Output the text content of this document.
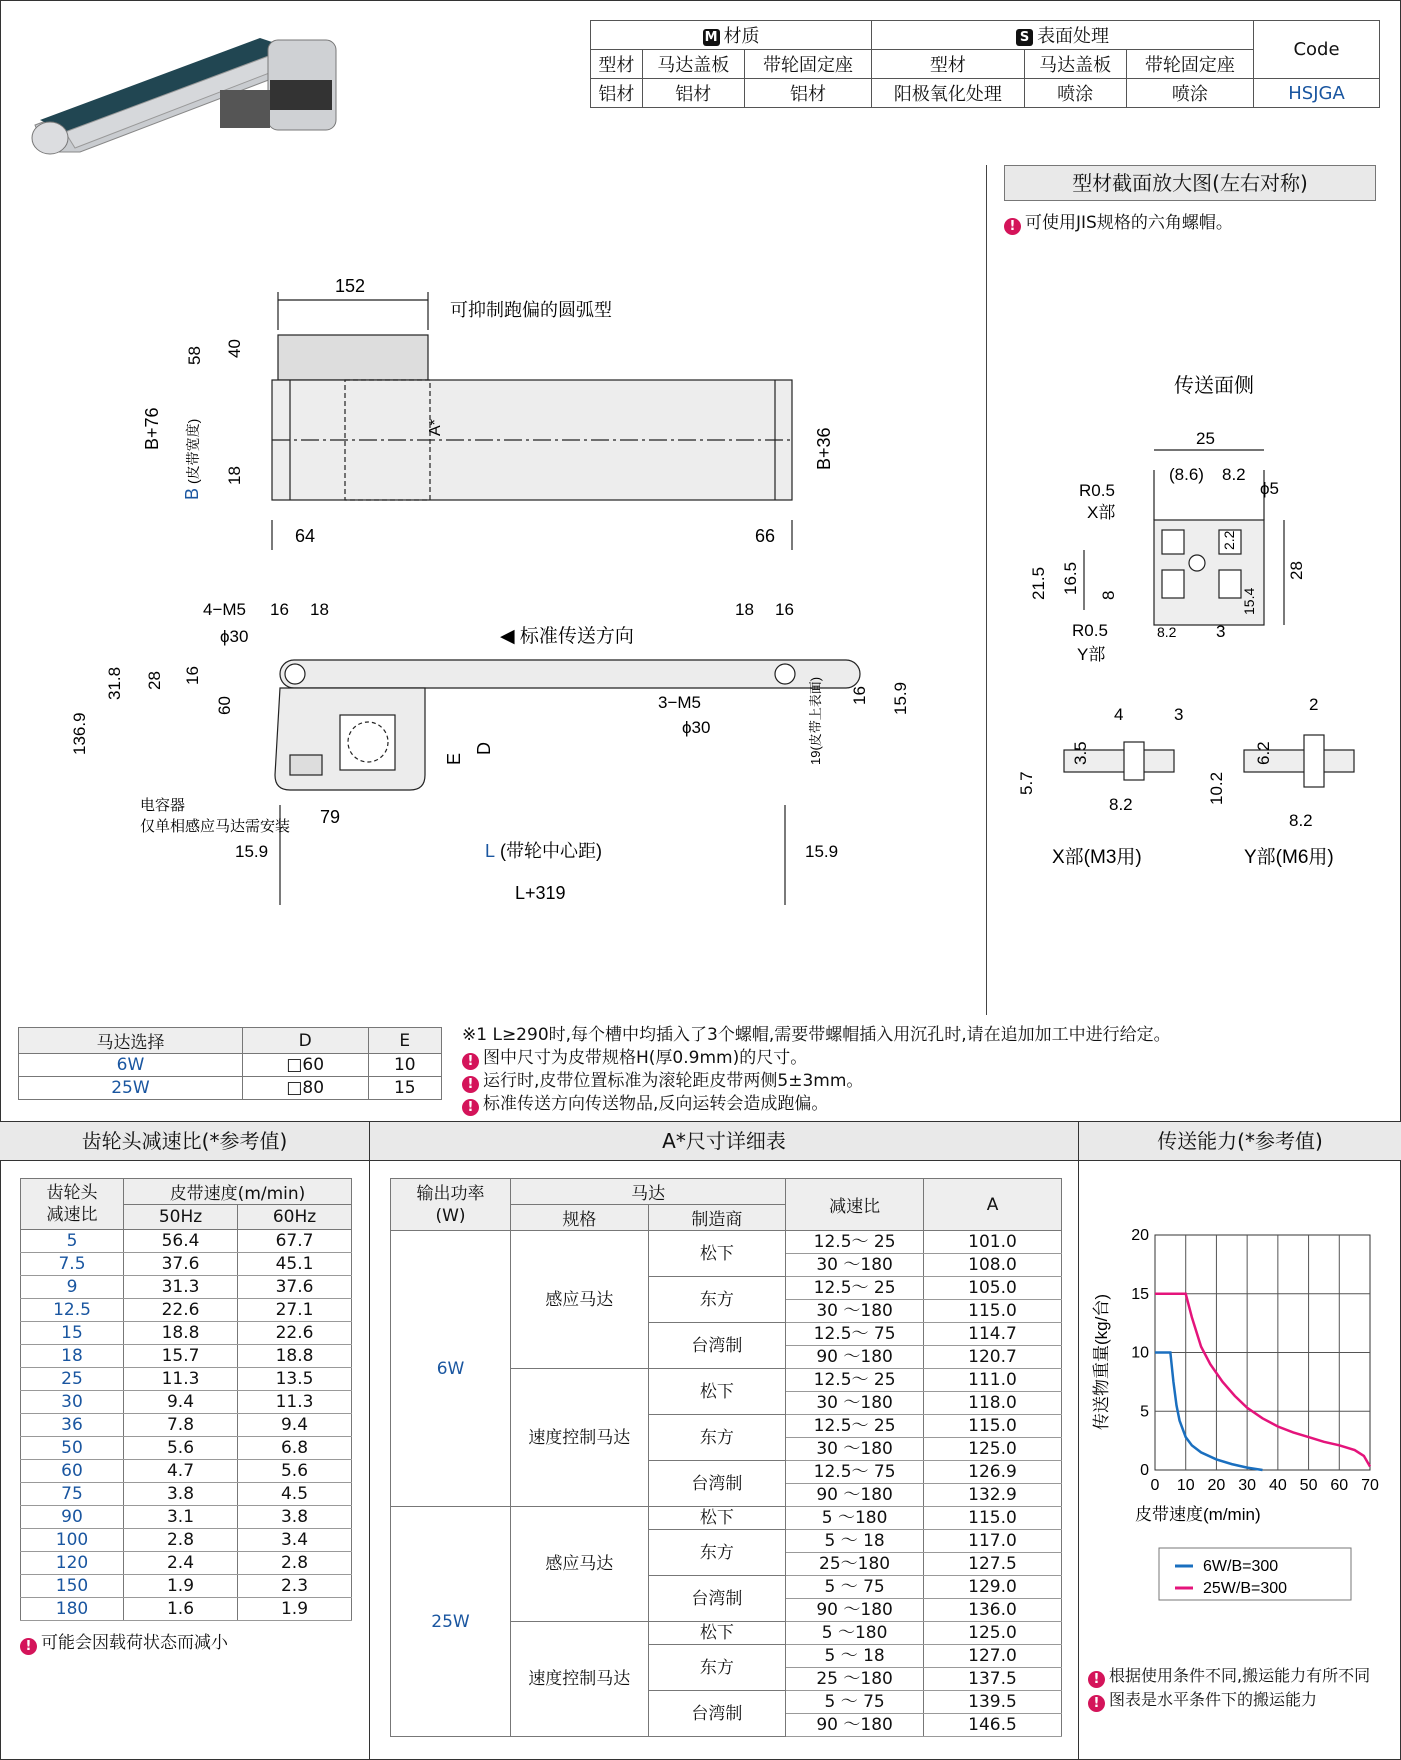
M 材质			S 表面处理			Code
型材	马达盖板	带轮固定座	型材	马达盖板	带轮固定座	
铝材	铝材	铝材	阳极氧化处理	喷涂	喷涂	HSJGA
型材截面放大图(左右对称)
! 可使用JIS规格的六角螺帽。
传送面侧
25
(8.6) 8.2
ϕ5
R0.5
X部
2.2
28
21.5 16.5
8	15.4
R0.5
Y部
8.2 3
4	3
3.5
5.7
8.2
X部(M3用)
2
6.2
10.2
8.2
Y部(M6用)
152
可抑制跑偏的圆弧型
58 40
B+76
B
(皮带宽度) 18
A*	B+36
64	66
4−M5 16 18	18 16
◀ 标准传送方向
ϕ30
31.8 28 16
136.9
60	3−M5
ϕ30	19(皮带上表面) 16 15.9
D
E
电容器
仅单相感应马达需安装 79
15.9	L (带轮中心距)	15.9
L+319
马达选择	D	E
6W	□60	10
25W	□80	15
※1 L≥290时,每个槽中均插入了3个螺帽,需要带螺帽插入用沉孔时,请在追加加工中进行给定。
! 图中尺寸为皮带规格H(厚0.9mm)的尺寸。
! 运行时,皮带位置标准为滚轮距皮带两侧5±3mm。
! 标准传送方向传送物品,反向运转会造成跑偏。
齿轮头减速比(*参考值)	A*尺寸详细表	传送能力(*参考值)
齿轮头
减速比	皮带速度(m/min)	
	50Hz	60Hz
5	56.4	67.7
7.5	37.6	45.1
9	31.3	37.6
12.5	22.6	27.1
15	18.8	22.6
18	15.7	18.8
25	11.3	13.5
30	9.4	11.3
36	7.8	9.4
50	5.6	6.8
60	4.7	5.6
75	3.8	4.5
90	3.1	3.8
100	2.8	3.4
120	2.4	2.8
150	1.9	2.3
180	1.6	1.9
! 可能会因载荷状态而减小
输出功率
(W)	马达		减速比	A
	规格	制造商		
6W	感应马达	松下	12.5～ 25	101.0
			30 ～180	108.0
		东方	12.5～ 25	105.0
			30 ～180	115.0
		台湾制	12.5～ 75	114.7
			90 ～180	120.7
	速度控制马达	松下	12.5～ 25	111.0
			30 ～180	118.0
		东方	12.5～ 25	115.0
			30 ～180	125.0
		台湾制	12.5～ 75	126.9
			90 ～180	132.9
25W	感应马达	松下	5 ～180	115.0
		东方	5 ～ 18	117.0
			25～180	127.5
		台湾制	5 ～ 75	129.0
			90 ～180	136.0
	速度控制马达	松下	5 ～180	125.0
		东方	5 ～ 18	127.0
			25 ～180	137.5
		台湾制	5 ～ 75	139.5
			90 ～180	146.5
0 10 20 30 40 50 60 70
0
5
10
15
20
皮带速度(m/min)
传送物重量(kg/台)
6W/B=300
25W/B=300
! 根据使用条件不同,搬运能力有所不同
! 图表是水平条件下的搬运能力
